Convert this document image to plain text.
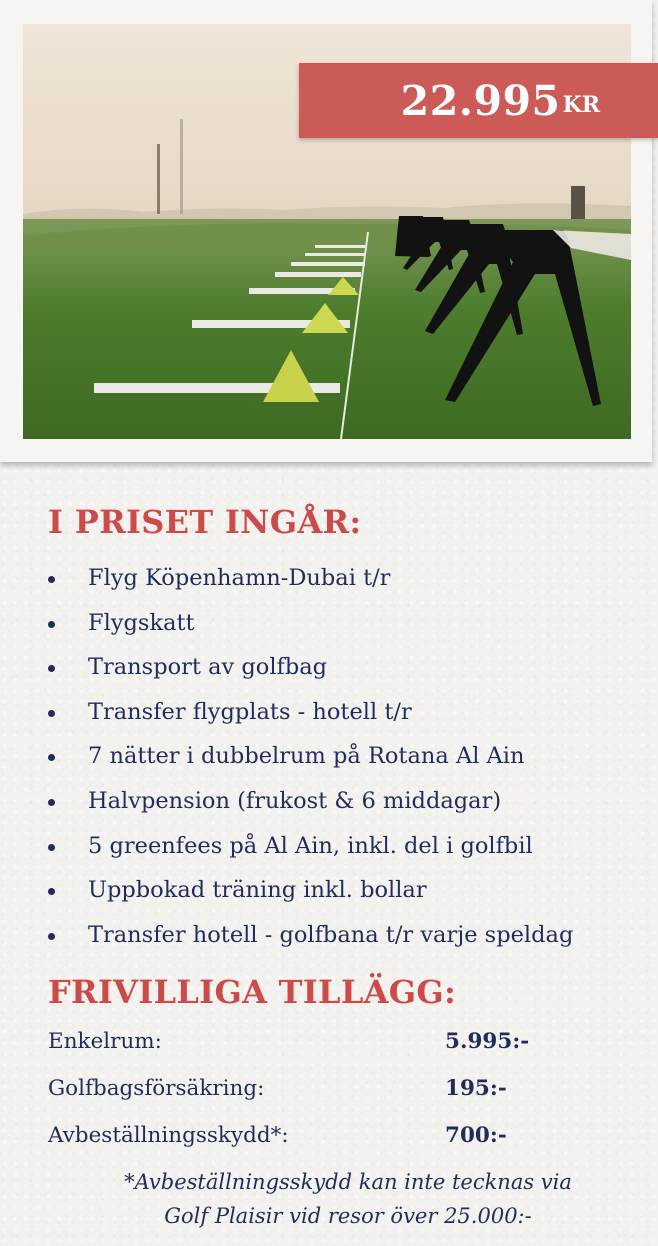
22.995 KR
I PRISET INGÅR:
Flyg Köpenhamn-Dubai t/r
Flygskatt
Transport av golfbag
Transfer flygplats - hotell t/r
7 nätter i dubbelrum på Rotana Al Ain
Halvpension (frukost & 6 middagar)
5 greenfees på Al Ain, inkl. del i golfbil
Uppbokad träning inkl. bollar
Transfer hotell - golfbana t/r varje speldag
FRIVILLIGA TILLÄGG:
Enkelrum:	5.995:-
Golfbagsförsäkring:	195:-
Avbeställningsskydd*:	700:-
*Avbeställningsskydd kan inte tecknas via
Golf Plaisir vid resor över 25.000:-
